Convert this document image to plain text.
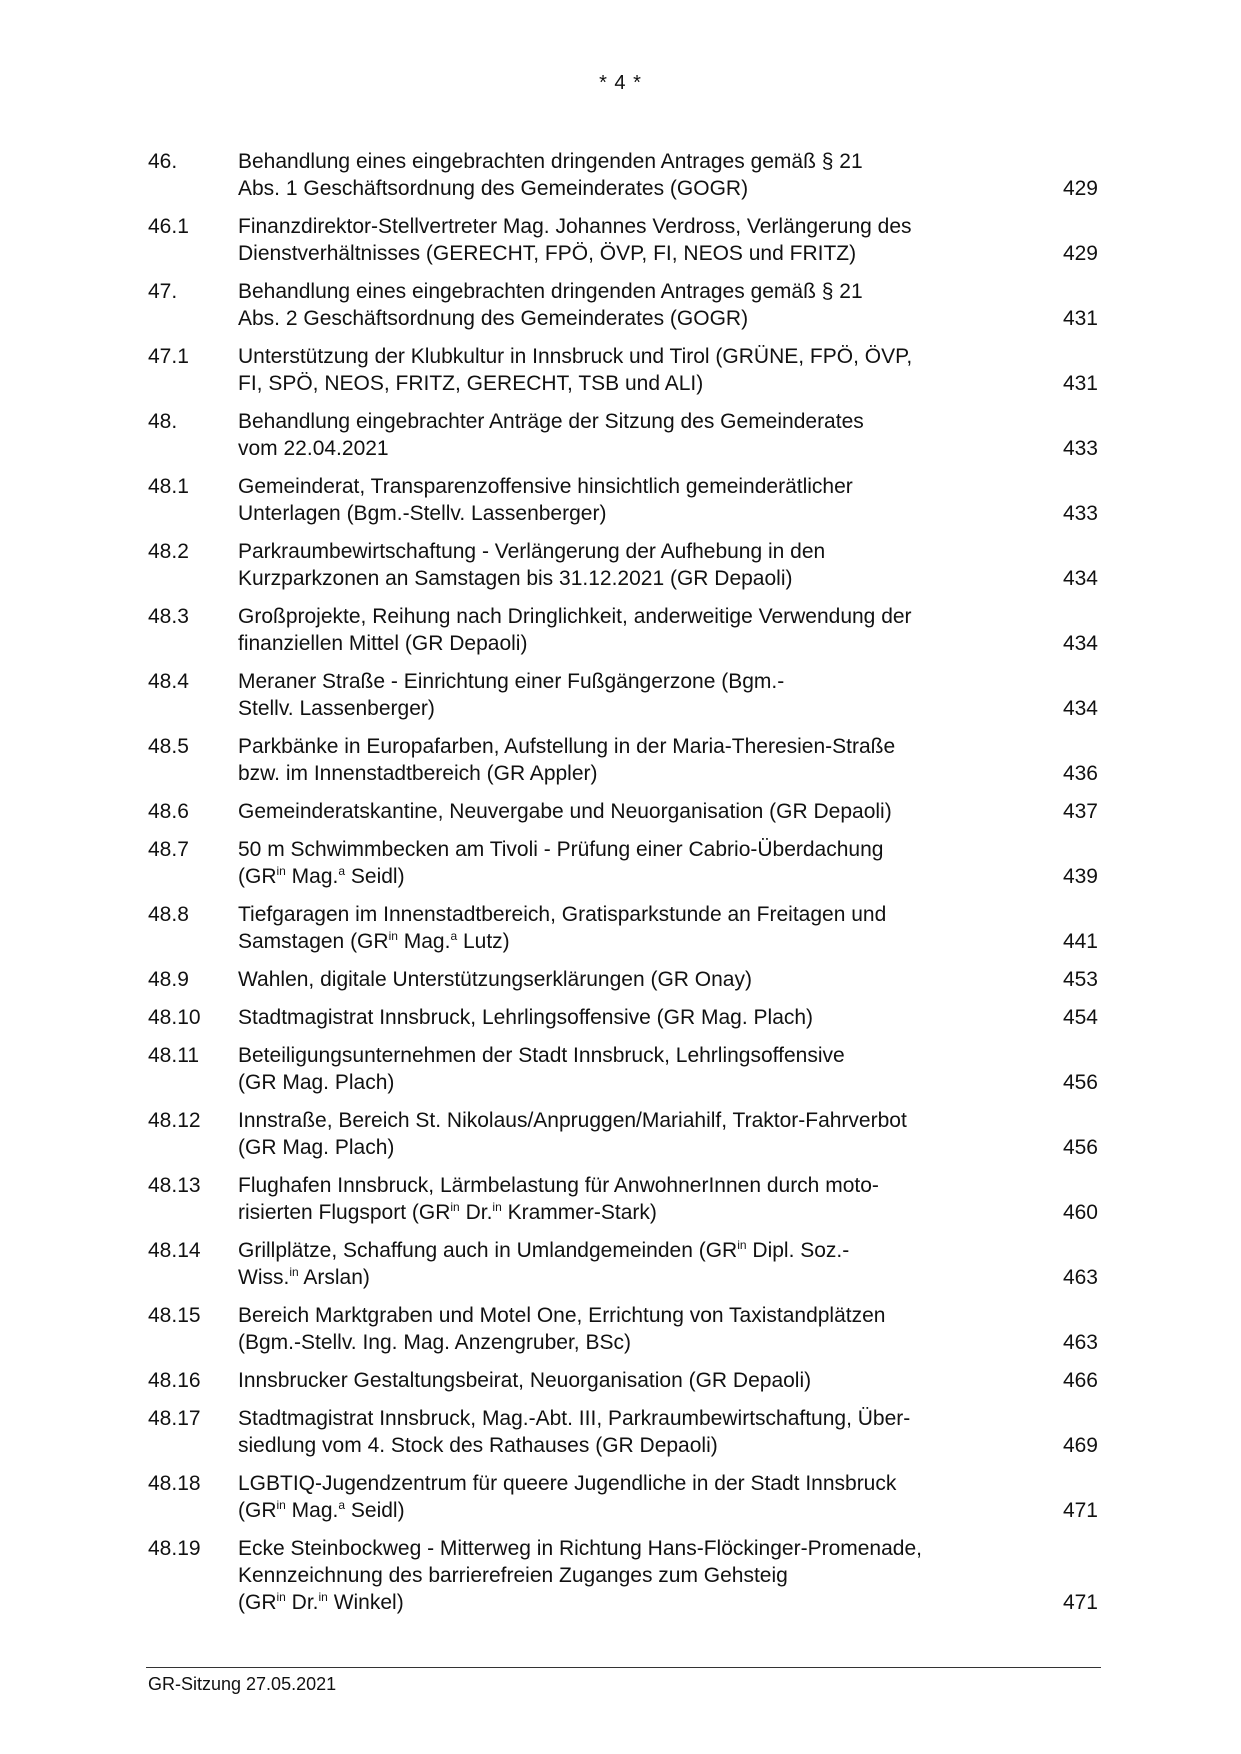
* 4 *
46.	Behandlung eines eingebrachten dringenden Antrages gemäß § 21
Abs. 1 Geschäftsordnung des Gemeinderates (GOGR)	429
46.1 Finanzdirektor-Stellvertreter Mag. Johannes Verdross, Verlängerung des
Dienstverhältnisses (GERECHT, FPÖ, ÖVP, FI, NEOS und FRITZ)	429
47.	Behandlung eines eingebrachten dringenden Antrages gemäß § 21
Abs. 2 Geschäftsordnung des Gemeinderates (GOGR)	431
47.1 Unterstützung der Klubkultur in Innsbruck und Tirol (GRÜNE, FPÖ, ÖVP,
FI, SPÖ, NEOS, FRITZ, GERECHT, TSB und ALI)	431
48.	Behandlung eingebrachter Anträge der Sitzung des Gemeinderates
vom 22.04.2021	433
48.1 Gemeinderat, Transparenzoffensive hinsichtlich gemeinderätlicher
Unterlagen (Bgm.-Stellv. Lassenberger)	433
48.2 Parkraumbewirtschaftung - Verlängerung der Aufhebung in den
Kurzparkzonen an Samstagen bis 31.12.2021 (GR Depaoli)	434
48.3 Großprojekte, Reihung nach Dringlichkeit, anderweitige Verwendung der
finanziellen Mittel (GR Depaoli)	434
48.4 Meraner Straße - Einrichtung einer Fußgängerzone (Bgm.-
Stellv. Lassenberger)	434
48.5 Parkbänke in Europafarben, Aufstellung in der Maria-Theresien-Straße
bzw. im Innenstadtbereich (GR Appler)	436
48.6 Gemeinderatskantine, Neuvergabe und Neuorganisation (GR Depaoli)	437
48.7 50 m Schwimmbecken am Tivoli - Prüfung einer Cabrio-Überdachung
($GR^{in}$ Mag.$^a$ Seidl)	439
48.8 Tiefgaragen im Innenstadtbereich, Gratisparkstunde an Freitagen und
Samstagen ($GR^{in}$ Mag.$^a$ Lutz)	441
48.9 Wahlen, digitale Unterstützungserklärungen (GR Onay)	453
48.10 Stadtmagistrat Innsbruck, Lehrlingsoffensive (GR Mag. Plach)	454
48.11 Beteiligungsunternehmen der Stadt Innsbruck, Lehrlingsoffensive
(GR Mag. Plach)	456
48.12 Innstraße, Bereich St. Nikolaus/Anpruggen/Mariahilf, Traktor-Fahrverbot
(GR Mag. Plach)	456
48.13 Flughafen Innsbruck, Lärmbelastung für AnwohnerInnen durch moto-
risierten Flugsport ($GR^{in}$ Dr.$^{in}$ Krammer-Stark)	460
48.14 Grillplätze, Schaffung auch in Umlandgemeinden ($GR^{in}$ Dipl. Soz.-
Wiss.$^{in}$ Arslan)	463
48.15 Bereich Marktgraben und Motel One, Errichtung von Taxistandplätzen
(Bgm.-Stellv. Ing. Mag. Anzengruber, BSc)	463
48.16 Innsbrucker Gestaltungsbeirat, Neuorganisation (GR Depaoli)	466
48.17 Stadtmagistrat Innsbruck, Mag.-Abt. III, Parkraumbewirtschaftung, Über-
siedlung vom 4. Stock des Rathauses (GR Depaoli)	469
48.18 LGBTIQ-Jugendzentrum für queere Jugendliche in der Stadt Innsbruck
($GR^{in}$ Mag.$^a$ Seidl)	471
48.19 Ecke Steinbockweg - Mitterweg in Richtung Hans-Flöckinger-Promenade,
Kennzeichnung des barrierefreien Zuganges zum Gehsteig
($GR^{in}$ Dr.$^{in}$ Winkel)	471
GR-Sitzung 27.05.2021
